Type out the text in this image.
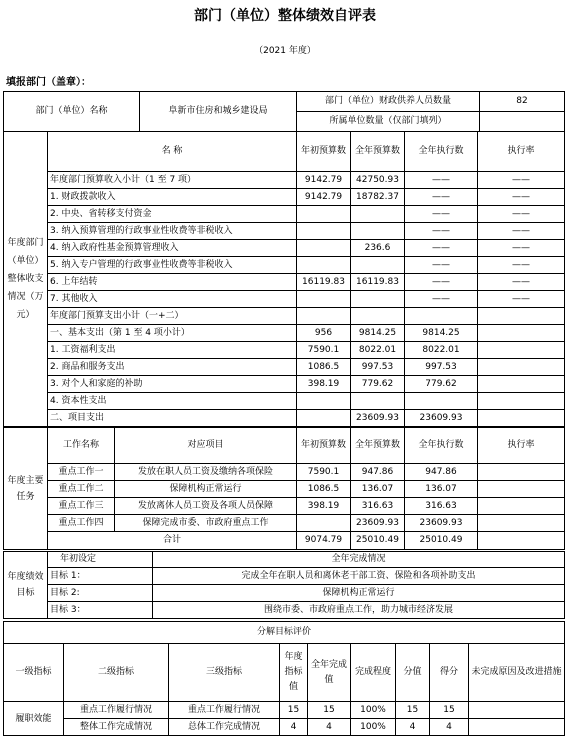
部门（单位）整体绩效自评表
（2021 年度）
填报部门（盖章）：
部门（单位）名称	阜新市住房和城乡建设局	部门（单位）财政供养人员数量	82
		所属单位数量（仅部门填列）	
年度部门（单位）整体收支情况（万元）	名 称	年初预算数	全年预算数	全年执行数	执行率
	年度部门预算收入小计（1 至 7 项）	9142.79	42750.93	——	——
	1. 财政拨款收入	9142.79	18782.37	——	——
	2. 中央、省转移支付资金			——	——
	3. 纳入预算管理的行政事业性收费等非税收入			——	——
	4. 纳入政府性基金预算管理收入		236.6	——	——
	5. 纳入专户管理的行政事业性收费等非税收入			——	——
	6. 上年结转	16119.83	16119.83	——	——
	7. 其他收入			——	——
	年度部门预算支出小计（一+二）				
	一、基本支出（第 1 至 4 项小计）	956	9814.25	9814.25	
	1. 工资福利支出	7590.1	8022.01	8022.01	
	2. 商品和服务支出	1086.5	997.53	997.53	
	3. 对个人和家庭的补助	398.19	779.62	779.62	
	4. 资本性支出				
	二、项目支出		23609.93	23609.93	
年度主要任务	工作名称	对应项目	年初预算数	全年预算数	全年执行数	执行率
	重点工作一	发放在职人员工资及缴纳各项保险	7590.1	947.86	947.86	
	重点工作二	保障机构正常运行	1086.5	136.07	136.07	
	重点工作三	发放离休人员工资及各项人员保障	398.19	316.63	316.63	
	重点工作四	保障完成市委、市政府重点工作		23609.93	23609.93	
	合计		9074.79	25010.49	25010.49	
年度绩效目标	年初设定	全年完成情况
	目标 1：	完成全年在职人员和离休老干部工资、保险和各项补助支出
	目标 2:	保障机构正常运行
	目标 3：	围绕市委、市政府重点工作，助力城市经济发展
分解目标评价								
一级指标	二级指标	三级指标	年度指标值	全年完成值	完成程度	分值	得分	未完成原因及改进措施
履职效能	重点工作履行情况	重点工作履行情况	15	15	100%	15	15	
	整体工作完成情况	总体工作完成情况	4	4	100%	4	4	
